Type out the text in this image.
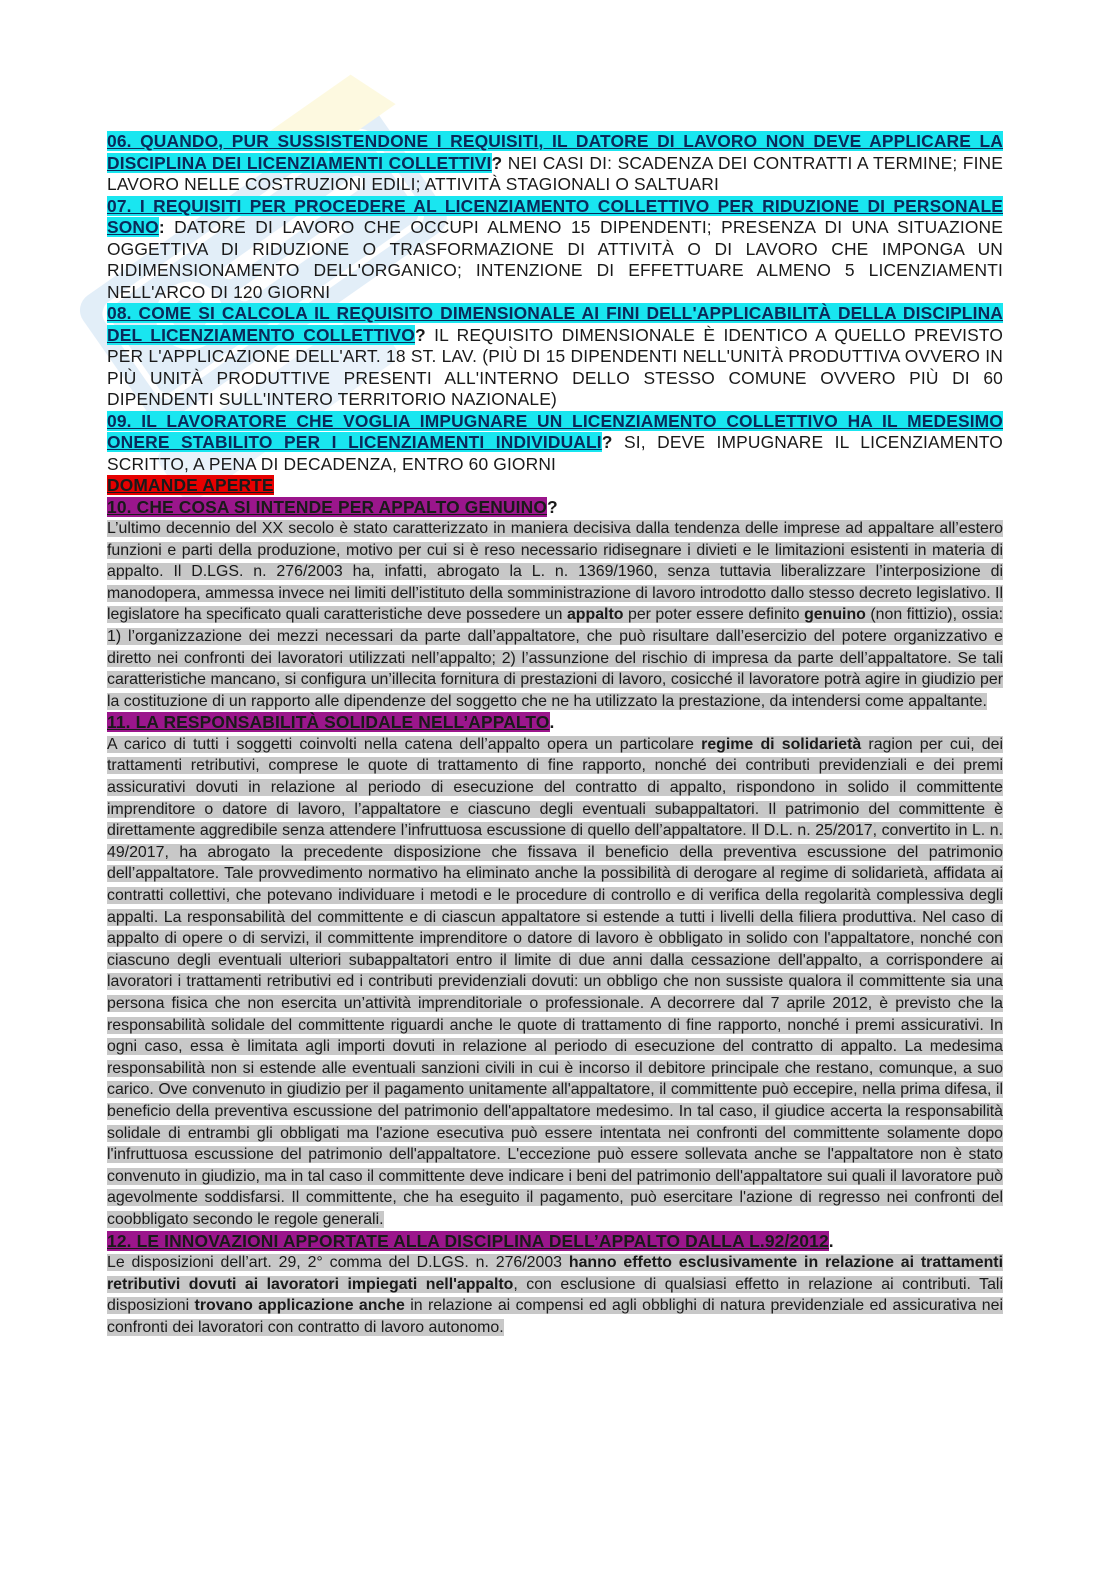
06. QUANDO, PUR SUSSISTENDONE I REQUISITI, IL DATORE DI LAVORO NON DEVE APPLICARE LA DISCIPLINA DEI LICENZIAMENTI COLLETTIVI? NEI CASI DI: SCADENZA DEI CONTRATTI A TERMINE; FINE LAVORO NELLE COSTRUZIONI EDILI; ATTIVITÀ STAGIONALI O SALTUARI

07. I REQUISITI PER PROCEDERE AL LICENZIAMENTO COLLETTIVO PER RIDUZIONE DI PERSONALE SONO: DATORE DI LAVORO CHE OCCUPI ALMENO 15 DIPENDENTI; PRESENZA DI UNA SITUAZIONE OGGETTIVA DI RIDUZIONE O TRASFORMAZIONE DI ATTIVITÀ O DI LAVORO CHE IMPONGA UN RIDIMENSIONAMENTO DELL'ORGANICO; INTENZIONE DI EFFETTUARE ALMENO 5 LICENZIAMENTI NELL'ARCO DI 120 GIORNI

08. COME SI CALCOLA IL REQUISITO DIMENSIONALE AI FINI DELL'APPLICABILITÀ DELLA DISCIPLINA DEL LICENZIAMENTO COLLETTIVO? IL REQUISITO DIMENSIONALE È IDENTICO A QUELLO PREVISTO PER L'APPLICAZIONE DELL'ART. 18 ST. LAV. (PIÙ DI 15 DIPENDENTI NELL'UNITÀ PRODUTTIVA OVVERO IN PIÙ UNITÀ PRODUTTIVE PRESENTI ALL'INTERNO DELLO STESSO COMUNE OVVERO PIÙ DI 60 DIPENDENTI SULL'INTERO TERRITORIO NAZIONALE)

09. IL LAVORATORE CHE VOGLIA IMPUGNARE UN LICENZIAMENTO COLLETTIVO HA IL MEDESIMO ONERE STABILITO PER I LICENZIAMENTI INDIVIDUALI? SI, DEVE IMPUGNARE IL LICENZIAMENTO SCRITTO, A PENA DI DECADENZA, ENTRO 60 GIORNI

DOMANDE APERTE

10. CHE COSA SI INTENDE PER APPALTO GENUINO?

L’ultimo decennio del XX secolo è stato caratterizzato in maniera decisiva dalla tendenza delle imprese ad appaltare all’estero funzioni e parti della produzione, motivo per cui si è reso necessario ridisegnare i divieti e le limitazioni esistenti in materia di appalto. Il D.LGS. n. 276/2003 ha, infatti, abrogato la L. n. 1369/1960, senza tuttavia liberalizzare l’interposizione di manodopera, ammessa invece nei limiti dell’istituto della somministrazione di lavoro introdotto dallo stesso decreto legislativo. Il legislatore ha specificato quali caratteristiche deve possedere un appalto per poter essere definito genuino (non fittizio), ossia: 1) l’organizzazione dei mezzi necessari da parte dall’appaltatore, che può risultare dall’esercizio del potere organizzativo e diretto nei confronti dei lavoratori utilizzati nell’appalto; 2) l’assunzione del rischio di impresa da parte dell’appaltatore. Se tali caratteristiche mancano, si configura un’illecita fornitura di prestazioni di lavoro, cosicché il lavoratore potrà agire in giudizio per la costituzione di un rapporto alle dipendenze del soggetto che ne ha utilizzato la prestazione, da intendersi come appaltante.

11. LA RESPONSABILITÀ SOLIDALE NELL’APPALTO.

A carico di tutti i soggetti coinvolti nella catena dell’appalto opera un particolare regime di solidarietà ragion per cui, dei trattamenti retributivi, comprese le quote di trattamento di fine rapporto, nonché dei contributi previdenziali e dei premi assicurativi dovuti in relazione al periodo di esecuzione del contratto di appalto, rispondono in solido il committente imprenditore o datore di lavoro, l’appaltatore e ciascuno degli eventuali subappaltatori. Il patrimonio del committente è direttamente aggredibile senza attendere l’infruttuosa escussione di quello dell’appaltatore. Il D.L. n. 25/2017, convertito in L. n. 49/2017, ha abrogato la precedente disposizione che fissava il beneficio della preventiva escussione del patrimonio dell’appaltatore. Tale provvedimento normativo ha eliminato anche la possibilità di derogare al regime di solidarietà, affidata ai contratti collettivi, che potevano individuare i metodi e le procedure di controllo e di verifica della regolarità complessiva degli appalti. La responsabilità del committente e di ciascun appaltatore si estende a tutti i livelli della filiera produttiva. Nel caso di appalto di opere o di servizi, il committente imprenditore o datore di lavoro è obbligato in solido con l'appaltatore, nonché con ciascuno degli eventuali ulteriori subappaltatori entro il limite di due anni dalla cessazione dell'appalto, a corrispondere ai lavoratori i trattamenti retributivi ed i contributi previdenziali dovuti: un obbligo che non sussiste qualora il committente sia una persona fisica che non esercita un’attività imprenditoriale o professionale. A decorrere dal 7 aprile 2012, è previsto che la responsabilità solidale del committente riguardi anche le quote di trattamento di fine rapporto, nonché i premi assicurativi. In ogni caso, essa è limitata agli importi dovuti in relazione al periodo di esecuzione del contratto di appalto. La medesima responsabilità non si estende alle eventuali sanzioni civili in cui è incorso il debitore principale che restano, comunque, a suo carico. Ove convenuto in giudizio per il pagamento unitamente all'appaltatore, il committente può eccepire, nella prima difesa, il beneficio della preventiva escussione del patrimonio dell'appaltatore medesimo. In tal caso, il giudice accerta la responsabilità solidale di entrambi gli obbligati ma l'azione esecutiva può essere intentata nei confronti del committente solamente dopo l'infruttuosa escussione del patrimonio dell'appaltatore. L'eccezione può essere sollevata anche se l'appaltatore non è stato convenuto in giudizio, ma in tal caso il committente deve indicare i beni del patrimonio dell'appaltatore sui quali il lavoratore può agevolmente soddisfarsi. Il committente, che ha eseguito il pagamento, può esercitare l'azione di regresso nei confronti del coobbligato secondo le regole generali.

12. LE INNOVAZIONI APPORTATE ALLA DISCIPLINA DELL’APPALTO DALLA L.92/2012.

Le disposizioni dell’art. 29, 2° comma del D.LGS. n. 276/2003 hanno effetto esclusivamente in relazione ai trattamenti retributivi dovuti ai lavoratori impiegati nell'appalto, con esclusione di qualsiasi effetto in relazione ai contributi. Tali disposizioni trovano applicazione anche in relazione ai compensi ed agli obblighi di natura previdenziale ed assicurativa nei confronti dei lavoratori con contratto di lavoro autonomo.
